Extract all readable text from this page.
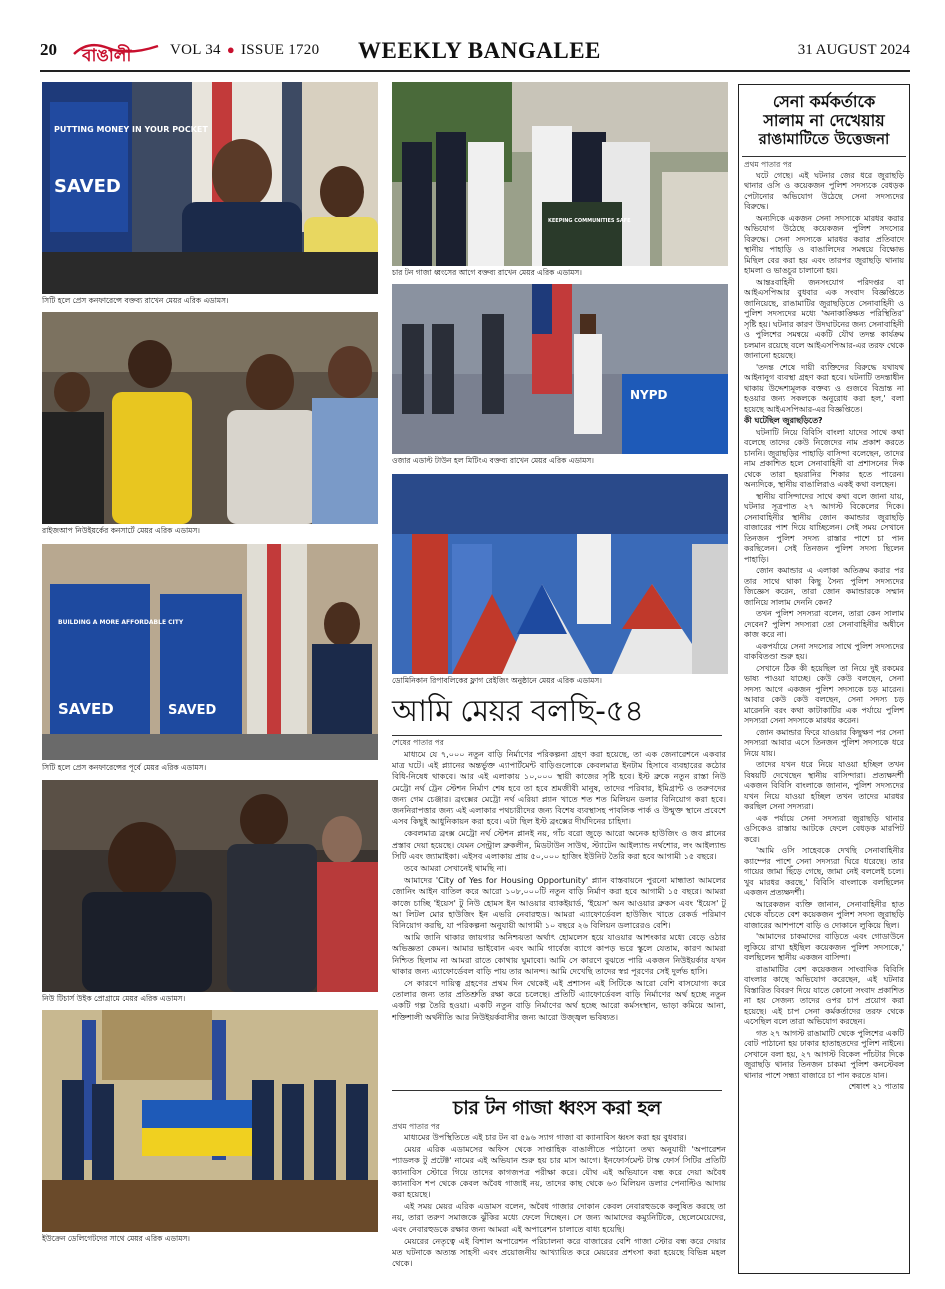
20 বাঙালী	VOL 34 ● ISSUE 1720 WEEKLY BANGALEE	31 AUGUST 2024
PUTTING MONEY IN YOUR POCKET
SAVED
সিটি হলে প্রেস কনফারেন্সে বক্তব্য রাখেন মেয়র এরিক এডামস।
রাইজআপ নিউইয়র্কের কনসার্টে মেয়র এরিক এডামস।
BUILDING A MORE AFFORDABLE CITY
SAVED	SAVED
সিটি হলে প্রেস কনফারেন্সের পূর্বে মেয়র এরিক এডামস।
নিউ টিচার্স উইক প্রোগ্রামে মেয়র এরিক এডামস।
ইউক্রেন ডেলিগেটদের সাথে মেয়র এরিক এডামস।
KEEPING COMMUNITIES SAFE
চার টন গাজা ধ্বংসের আগে বক্তব্য রাখেন মেয়র এরিক এডামস।
NYPD
ওজার এডাল্ট টাউন হল মিটিংএ বক্তব্য রাখেন মেয়র এরিক এডামস।
ডোমিনিকান রিপাবলিকের ফ্লাগ রেইজিং অনুষ্ঠানে মেয়র এরিক এডামস।
আমি মেয়র বলছি-৫৪
শেষের পাতার পর

মাধ্যমে যে ৭,০০০ নতুন বাড়ি নির্মাণের পরিকল্পনা গ্রহণ করা হয়েছে, তা এক জেনারেশনে একবার মাত্র ঘটে। এই প্ল্যানের অন্তর্ভুক্ত এ্যাপার্টমেন্ট বাড়িগুলোকে কেবলমাত্র ইনটাম হিসাবে ব্যবহারের কঠোর বিধি-নিষেধ থাকবে। আর এই এলাকায় ১০,০০০ স্থায়ী কাজের সৃষ্টি হবে। ইস্ট ব্রুকে নতুন রাস্তা নিউ মেট্রো নর্থ ট্রেন স্টেশন নির্মাণ শেষ হবে তা হবে শ্রমজীবী মানুষ, তাদের পরিবার, ইমিগ্রান্ট ও তরুণদের জন্য গেম চেঞ্জার। ব্রংক্সের মেট্রো নর্থ এরিয়া প্ল্যান খাতে শত শত মিলিয়ন ডলার বিনিয়োগ করা হবে। জননিরাপত্তার জন্য এই এলাকার পথচারীদের জন্য বিশেষ ব্যবস্থাসহ পাবলিক পার্ক ও উন্মুক্ত স্থানে প্রবেশে এসব কিছুই আধুনিকায়ন করা হবে। এটা ছিল ইস্ট ব্রংক্সের দীর্ঘদিনের চাহিদা।

কেবলমাত্র ব্রংক্স মেট্রো নর্থ স্টেশন প্লানই নয়, গাঁচ বরো জুড়ে আরো অনেক হাউজিং ও জব প্লানের প্রস্তাব দেয়া হয়েছে। যেমন সেন্ট্রাল ব্রুকলীন, মিডটাউন সাউথ, স্ট্যাটেন আইল্যান্ড নর্থশোর, লং আইল্যান্ড সিটি এবং জ্যামাইকা। এইসব এলাকায় প্রায় ৫০,০০০ হাজিং ইউনিট তৈরি করা হবে আগামী ১৫ বছরে।

তবে আমরা সেখানেই থামছি না।

আমাদের 'City of Yes for Housing Opportunity' প্ল্যান বাস্তবায়নে পুরনো মান্ধাতা আমলের জোনিং আইন বাতিল করে আরো ১০৮,০০০টি নতুন বাড়ি নির্মাণ করা হবে আগামী ১৫ বছরে। আমরা কাজে চাচ্ছি 'ইয়েস' টু নিউ হোমস ইন আওয়ার ব্যাকইয়ার্ড, 'ইয়েস' অন আওয়ার ব্রুকস এবং 'ইয়েস' টু আ লিটল মোর হাউজিং ইন এভরি নেবারহুড। আমরা এ্যাফোর্ডেবল হাউজিং খাতে রেকর্ড পরিমাণ বিনিয়োগ করছি, যা পরিকল্পনা অনুযায়ী আগামী ১০ বছরে ২৬ বিলিয়ন ডলারেরও বেশি।

আমি জানি থাকার জায়গার অনিশ্চয়তা অর্থাৎ হোমলেস হয়ে যাওয়ার আশংকার মধ্যে বেড়ে ওঠার অভিজ্ঞতা কেমন। আমার ভাইবোন এবং আমি গার্বেজ ব্যাগে কাপড় ভরে স্কুলে যেতাম, কারণ আমরা নিশ্চিত ছিলাম না আমরা রাতে কোথায় ঘুমাবো। আমি সে কারণে বুঝতে পারি একজন নিউইয়র্কার যখন থাকার জন্য এ্যাফোর্ডেবল বাড়ি পায় তার আনন্দ। আমি দেখেছি তাদের স্বপ্ন পূরণের সেই দুর্লভ হাসি।

সে কারণে দায়িত্ব গ্রহণের প্রথম দিন থেকেই এই প্রশাসন এই সিটিকে আরো বেশি বাসযোগ্য করে তোলার জন্য তার প্রতিশ্রুতি রক্ষা করে চলেছে। প্রতিটি এ্যাফোর্ডেবল বাড়ি নির্মাণের অর্থ হচ্ছে নতুন একটি গল্প তৈরি হওয়া। একটি নতুন বাড়ি নির্মাণের অর্থ হচ্ছে আরো কর্মসংস্থান, ভাড়া কমিয়ে আনা, শক্তিশালী অর্থনীতি আর নিউইয়র্কবাসীর জন্য আরো উজ্জ্বল ভবিষ্যত।

চার টন গাজা ধ্বংস করা হল
প্রথম পাতার পর

মাধ্যমের উপস্থিতিতে এই চার টন বা ৫৯৬ স্যাগ গাজা বা ক্যানাবিস ধ্বংস করা হয় বুধবার।

মেয়র এরিক এডামসের অফিস থেকে সাপ্তাহিক বাঙালীতে পাঠানো তথ্য অনুযায়ী 'অপারেশন প্যাডলক টু প্রটেক্ট' নামের এই অভিযান শুরু হয় চার মাস আগে। ইনফোর্সমেন্ট টাস্ক ফোর্স সিটির প্রতিটি ক্যানাবিস স্টোরে গিয়ে তাদের কাগজপত্র পরীক্ষা করে। যৌথ এই অভিযানে বন্ধ করে দেয়া অবৈধ ক্যানাবিস শপ থেকে কেবল অবৈধ গাজাই নয়, তাদের কাছ থেকে ৬৩ মিলিয়ন ডলার পেনাল্টিও আদায় করা হয়েছে।

এই সময় মেয়র এরিক এডামস বলেন, অবৈধ গাজার দোকান কেবল নেবারহুডকে কলুষিত করছে তা নয়, তারা তরুণ সমাজকে ঝুঁকির মধ্যে ফেলে দিচ্ছেন। সে জন্য আমাদের কম্যুনিটিকে, ছেলেমেয়েদের, এবং নেবারহুডকে রক্ষার জন্য আমরা এই অপারেশন চালাতে বাধ্য হয়েছি।

মেয়রের নেতৃত্বে এই বিশাল অপারেশন পরিচালনা করে বাজারের বেশি গাজা স্টোর বন্ধ করে দেয়ার মত ঘটনাকে অত্যন্ত সাহসী এবং প্রয়োজনীয় আখ্যায়িত করে মেয়রের প্রশংসা করা হয়েছে বিভিন্ন মহল থেকে।

সেনা কর্মকর্তাকে
সালাম না দেখেয়ায়
রাঙামাটিতে উত্তেজনা
প্রথম পাতার পর

ঘটে গেছে। এই ঘটনার জের ধরে জুরাছড়ি থানার ওসি ও কয়েকজন পুলিশ সদস্যকে বেধড়ক পেটানোর অভিযোগ উঠেছে সেনা সদস্যদের বিরুদ্ধে।

অন্যদিকে একজন সেনা সদস্যকে মারধর করার অভিযোগ উঠেছে কয়েকজন পুলিশ সদস্যের বিরুদ্ধে। সেনা সদস্যকে মারধর করার প্রতিবাদে স্থানীয় পাহাড়ি ও বাঙালিদের সমন্বয়ে বিক্ষোভ মিছিল বের করা হয় এবং তারপর জুরাছড়ি থানায় হামলা ও ভাঙচুর চালানো হয়।

আন্তঃবাহিনী জনসংযোগ পরিদপ্তর বা আইএসপিআর বুধবার এক সংবাদ বিজ্ঞপ্তিতে জানিয়েছে, রাঙামাটির জুরাছড়িতে সেনাবাহিনী ও পুলিশ সদস্যদের মধ্যে 'অনাকাঙ্ক্ষিত পরিস্থিতির' সৃষ্টি হয়। ঘটনার কারণ উদঘাটনের জন্য সেনাবাহিনী ও পুলিশের সমন্বয়ে একটি যৌথ তদন্ত কার্যক্রম চলমান রয়েছে বলে আইএসপিআর-এর তরফ থেকে জানানো হয়েছে।

'তদন্ত শেষে দায়ী ব্যক্তিদের বিরুদ্ধে যথাযথ আইনানুগ ব্যবস্থা গ্রহণ করা হবে। ঘটনাটি তদন্তাধীন থাকায় উদ্দেশ্যমূলক বক্তব্য ও গুজবে বিভ্রান্ত না হওয়ার জন্য সকলকে অনুরোধ করা হল,' বলা হয়েছে আইএসপিআর-এর বিজ্ঞপ্তিতে।

কী ঘটেছিল জুরাছড়িতে?

ঘটনাটি নিয়ে বিবিসি বাংলা যাদের সাথে কথা বলেছে তাদের কেউ নিজেদের নাম প্রকাশ করতে চাননি। জুরাছড়ির পাহাড়ি বাসিন্দা বলেছেন, তাদের নাম প্রকাশিত হলে সেনাবাহিনী বা প্রশাসনের দিক থেকে তারা হয়রানির শিকার হতে পারেন। অন্যদিকে, স্থানীয় বাঙালিরাও একই কথা বলছেন।

স্থানীয় বাসিন্দাদের সাথে কথা বলে জানা যায়, ঘটনার সূত্রপাত ২৭ আগস্ট বিকেলের দিকে। সেনাবাহিনীর স্থানীয় জোন কমান্ডার জুরাছড়ি বাজারের পাশ দিয়ে যাচ্ছিলেন। সেই সময় সেখানে তিনজন পুলিশ সদস্য রাস্তার পাশে চা পান করছিলেন। সেই তিনজন পুলিশ সদস্য ছিলেন পাহাড়ি।

জোন কমান্ডার এ এলাকা অতিক্রম করার পর তার সাথে থাকা কিছু সৈন্য পুলিশ সদস্যদের জিজ্ঞেস করেন, তারা জোন কমান্ডারকে সম্মান জানিয়ে সালাম দেননি কেন?

তখন পুলিশ সদস্যরা বলেন, তারা কেন সালাম দেবেন? পুলিশ সদস্যরা তো সেনাবাহিনীর অধীনে কাজ করে না।

একপর্যায়ে সেনা সদস্যের সাথে পুলিশ সদস্যদের বাকবিতণ্ডা শুরু হয়।

সেখানে ঠিক কী হয়েছিল তা নিয়ে দুই রকমের ভাষ্য পাওয়া যাচ্ছে। কেউ কেউ বলছেন, সেনা সদস্য আগে একজন পুলিশ সদস্যকে চড় মারেন। আবার কেউ কেউ বলছেন, সেনা সদস্য চড় মারেননি বরং কথা কাটাকাটির এক পর্যায়ে পুলিশ সদস্যরা সেনা সদস্যকে মারধর করেন।

জোন কমান্ডার ফিরে যাওয়ার কিছুক্ষণ পর সেনা সদস্যরা আবার এসে তিনজন পুলিশ সদস্যকে ধরে নিয়ে যায়।

তাদের যখন ধরে নিয়ে যাওয়া হচ্ছিল তখন বিষয়টি দেখেছেন স্থানীয় বাসিন্দারা। প্রত্যক্ষদর্শী একজন বিবিসি বাংলাকে জানান, পুলিশ সদস্যদের যখন নিয়ে যাওয়া হচ্ছিল তখন তাদের মারধর করছিল সেনা সদস্যরা।

এক পর্যায়ে সেনা সদস্যরা জুরাছড়ি থানার ওসিকেও রাস্তায় আটকে ফেলে বেধড়ক মারপিট করে।

'আমি ওসি সাহেবকে দেখছি সেনাবাহিনীর ক্যাম্পের পাশে সেনা সদস্যরা ঘিরে ধরেছে। তার গায়ের জামা ছিঁড়ে গেছে, জামা নেই বললেই চলে। খুব মারধর করছে,' বিবিসি বাংলাকে বলছিলেন একজন প্রত্যক্ষদর্শী।

আরেকজন ব্যক্তি জানান, সেনাবাহিনীর হাত থেকে বাঁচতে বেশ কয়েকজন পুলিশ সদস্য জুরাছড়ি বাজারের আশপাশে বাড়ি ও দোকানে লুকিয়ে ছিল।

'আমাদের চাকমাদের বাড়িতে এবং গোডাউনে লুকিয়ে রাখা হইছিল কয়েকজন পুলিশ সদস্যকে,' বলছিলেন স্থানীয় একজন বাসিন্দা।

রাঙামাটির বেশ কয়েকজন সাংবাদিক বিবিসি বাংলার কাছে অভিযোগ করেছেন, এই ঘটনার বিস্তারিত বিবরণ দিয়ে যাতে কোনো সংবাদ প্রকাশিত না হয় সেজন্য তাদের ওপর চাপ প্রয়োগ করা হয়েছে। এই চাপ সেনা কর্মকর্তাদের তরফ থেকে এসেছিল বলে তারা অভিযোগ করছেন।

গত ২৭ আগস্ট রাঙামাটি থেকে পুলিশের একটি বোট পাঠানো হয় ঢাকার হাতাহতদের পুলিশ নাইনে। সেখানে বলা হয়, ২৭ আগস্ট বিকেল পাঁচটার দিকে জুরাছড়ি থানার তিনজন চাকমা পুলিশ কনস্টেবল থানার পাশে সন্ধ্যা বাজারে চা পান করতে যান।

শেষাংশ ২১ পাতায়
